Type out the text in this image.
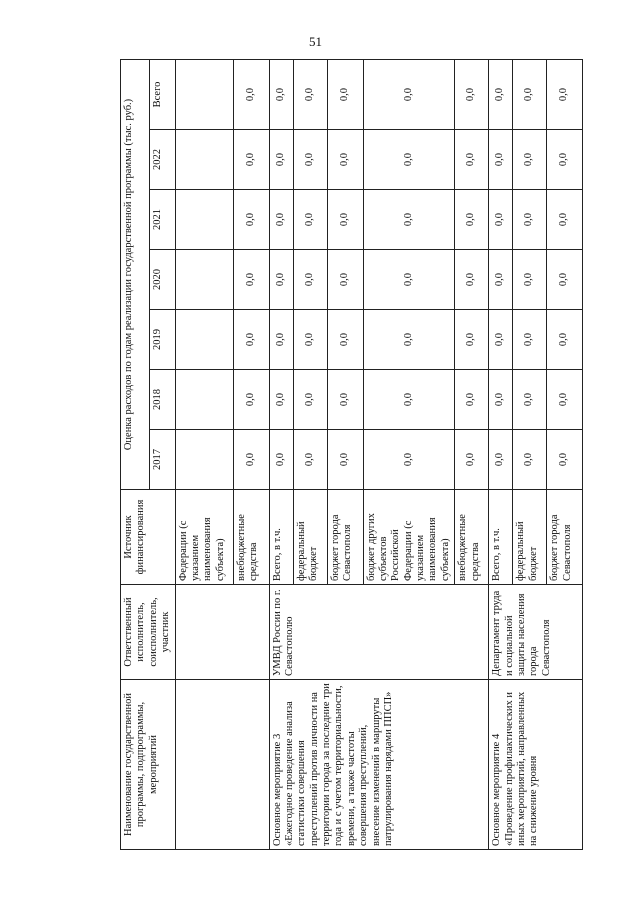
51
Наименование государственной программы, подпрограммы, мероприятий	Ответственный исполнитель, соисполнитель, участник	Источник финансирования	Оценка расходов по годам реализации государственной программы (тыс. руб.)						
			2017	2018	2019	2020	2021	2022	Всего
		Федерации (с указанием наименования субъекта)							
		внебюджетные средства	0,0	0,0	0,0	0,0	0,0	0,0	0,0
Основное мероприятие 3 «Ежегодное проведение анализа статистики совершения преступлений против личности на территории города за последние три года и с учетом территориальности, времени, а также частоты совершения преступлений, внесение изменений в маршруты патрулирования нарядами ППСП»	УМВД России по г. Севастополю	Всего, в т.ч.	0,0	0,0	0,0	0,0	0,0	0,0	0,0
		федеральный бюджет	0,0	0,0	0,0	0,0	0,0	0,0	0,0
		бюджет города Севастополя	0,0	0,0	0,0	0,0	0,0	0,0	0,0
		бюджет других субъектов Российской Федерации (с указанием наименования субъекта)	0,0	0,0	0,0	0,0	0,0	0,0	0,0
		внебюджетные средства	0,0	0,0	0,0	0,0	0,0	0,0	0,0
Основное мероприятие 4 «Проведение профилактических и иных мероприятий, направленных на снижение уровня	Департамент труда и социальной защиты населения города Севастополя	Всего, в т.ч.	0,0	0,0	0,0	0,0	0,0	0,0	0,0
		федеральный бюджет	0,0	0,0	0,0	0,0	0,0	0,0	0,0
		бюджет города Севастополя	0,0	0,0	0,0	0,0	0,0	0,0	0,0
